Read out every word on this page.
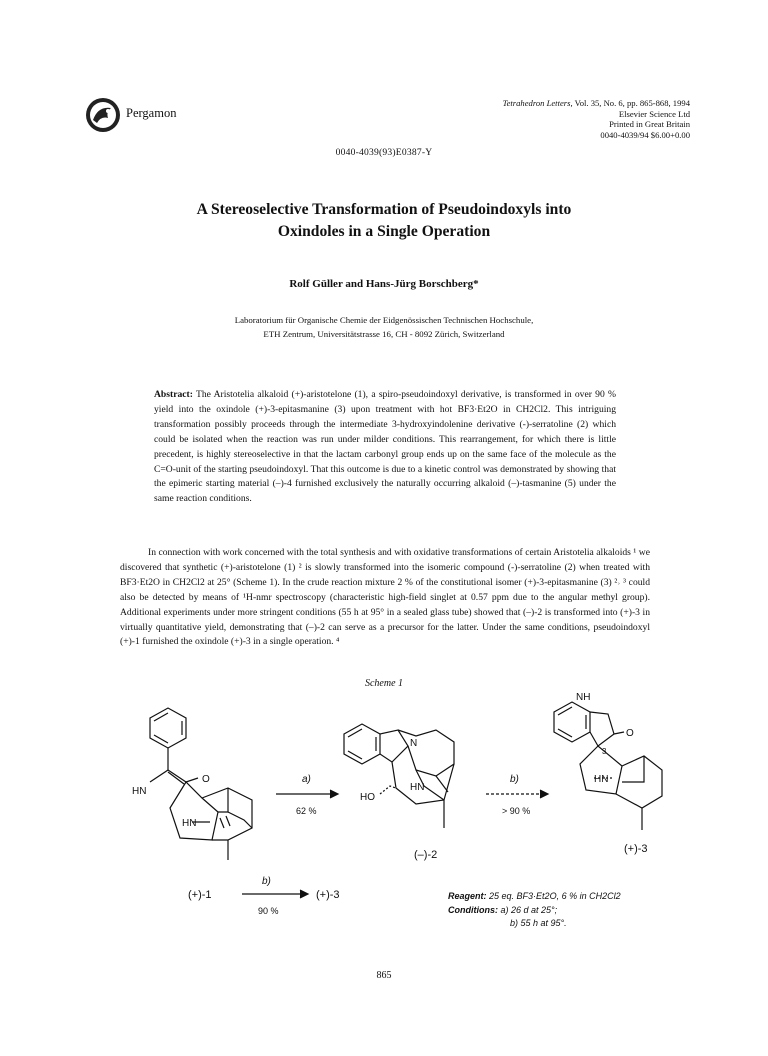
Pergamon
Tetrahedron Letters, Vol. 35, No. 6, pp. 865-868, 1994
Elsevier Science Ltd
Printed in Great Britain
0040-4039/94 $6.00+0.00
0040-4039(93)E0387-Y
A Stereoselective Transformation of Pseudoindoxyls into
Oxindoles in a Single Operation
Rolf Güller and Hans-Jürg Borschberg*
Laboratorium für Organische Chemie der Eidgenössischen Technischen Hochschule,
ETH Zentrum, Universitätstrasse 16, CH - 8092 Zürich, Switzerland
Abstract: The Aristotelia alkaloid (+)-aristotelone (1), a spiro-pseudoindoxyl derivative, is transformed in over 90 % yield into the oxindole (+)-3-epitasmanine (3) upon treatment with hot BF3·Et2O in CH2Cl2. This intriguing transformation possibly proceeds through the intermediate 3-hydroxyindolenine derivative (-)-serratoline (2) which could be isolated when the reaction was run under milder conditions. This rearrangement, for which there is little precedent, is highly stereoselective in that the lactam carbonyl group ends up on the same face of the molecule as the C=O-unit of the starting pseudoindoxyl. That this outcome is due to a kinetic control was demonstrated by showing that the epimeric starting material (–)-4 furnished exclusively the naturally occurring alkaloid (–)-tasmanine (5) under the same reaction conditions.

In connection with work concerned with the total synthesis and with oxidative transformations of certain Aristotelia alkaloids ¹ we discovered that synthetic (+)-aristotelone (1) ² is slowly transformed into the isomeric compound (-)-serratoline (2) when treated with BF3·Et2O in CH2Cl2 at 25° (Scheme 1). In the crude reaction mixture 2 % of the constitutional isomer (+)-3-epitasmanine (3) ²˒ ³ could also be detected by means of ¹H-nmr spectroscopy (characteristic high-field singlet at 0.57 ppm due to the angular methyl group). Additional experiments under more stringent conditions (55 h at 95° in a sealed glass tube) showed that (–)-2 is transformed into (+)-3 in virtually quantitative yield, demonstrating that (–)-2 can serve as a precursor for the latter. Under the same conditions, pseudoindoxyl (+)-1 furnished the oxindole (+)-3 in a single operation. ⁴

Scheme 1
HN
O
HN
a)
62 %
N
HO
HN
(–)-2
b)
> 90 %
NH
O
3
HN
(+)-3
(+)-1
b)
90 %
(+)-3	Reagent: 25 eq. BF3·Et2O, 6 % in CH2Cl2
Conditions: a) 26 d at 25°;
b) 55 h at 95°.
865
